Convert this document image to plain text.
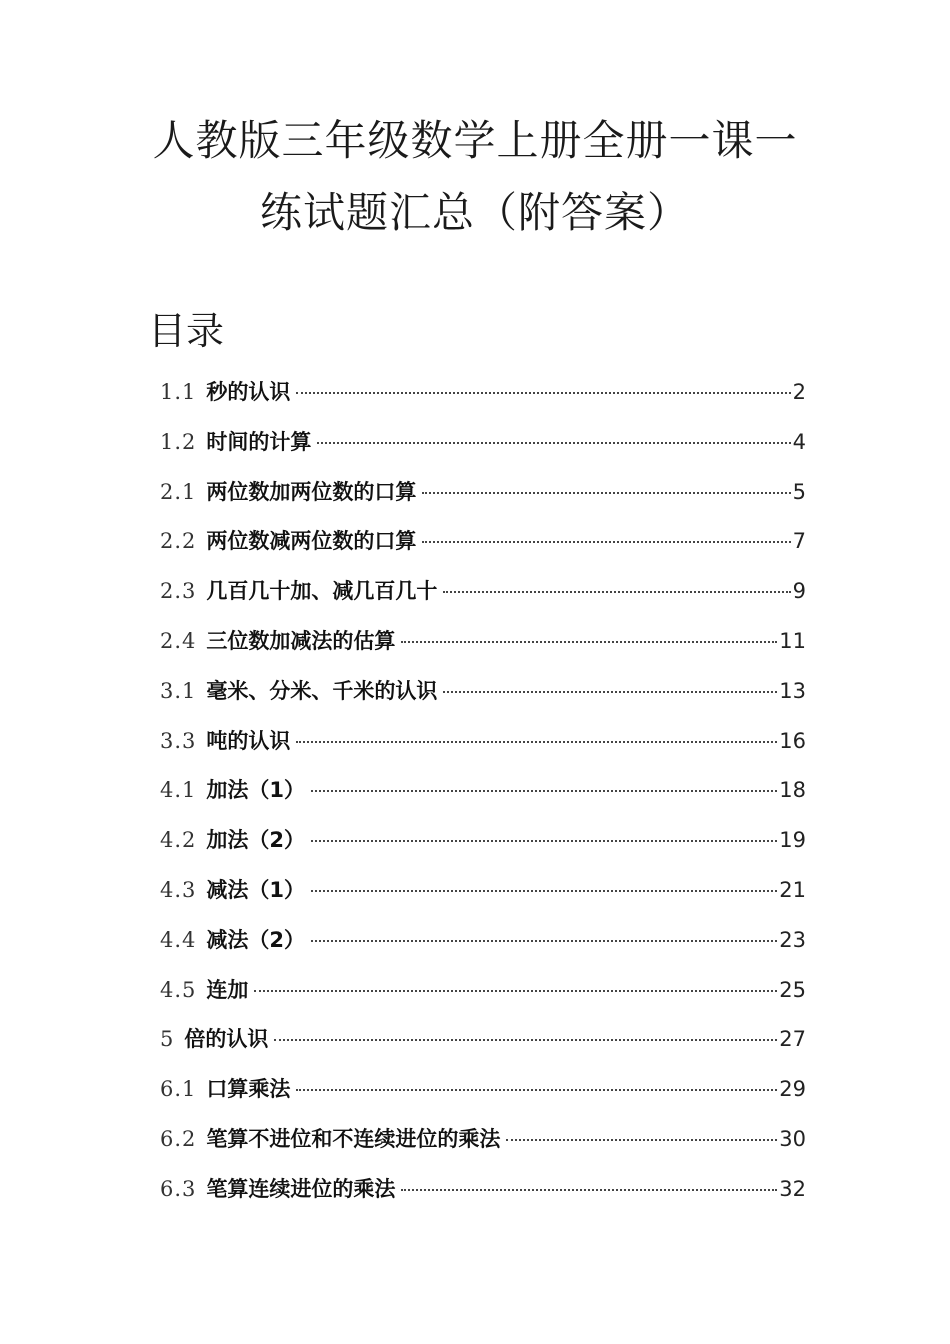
人教版三年级数学上册全册一课一
练试题汇总（附答案）
目录
1.1 秒的认识	2
1.2 时间的计算	4
2.1 两位数加两位数的口算	5
2.2 两位数减两位数的口算	7
2.3 几百几十加、减几百几十	9
2.4 三位数加减法的估算	11
3.1 毫米、分米、千米的认识	13
3.3 吨的认识	16
4.1 加法（1）	18
4.2 加法（2）	19
4.3 减法（1）	21
4.4 减法（2）	23
4.5 连加	25
5 倍的认识	27
6.1 口算乘法	29
6.2 笔算不进位和不连续进位的乘法	30
6.3 笔算连续进位的乘法	32
